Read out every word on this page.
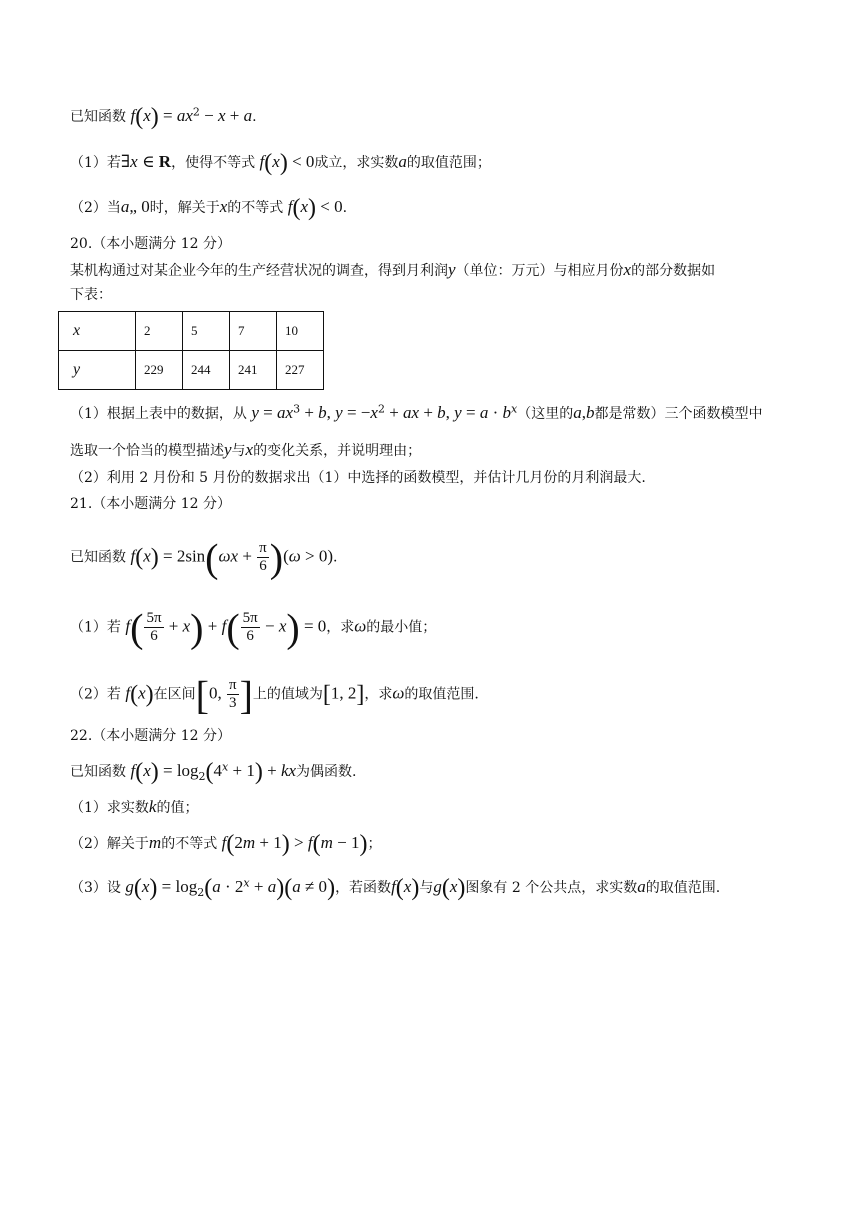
已知函数 $f(x) = ax^2 - x + a$.
（1）若∃x ∈ R，使得不等式 f(x) < 0成立，求实数a的取值范围；
（2）当a„ 0时，解关于x的不等式 f(x) < 0.
20.（本小题满分 12 分）
某机构通过对某企业今年的生产经营状况的调查，得到月利润y（单位：万元）与相应月份x的部分数据如
下表：
x	2	5	7	10
y	229	244	241	227
（1）根据上表中的数据，从 $y = ax^3 + b$, $y = -x^2$ + ax + b, $y = a \cdot b^x$（这里的a,b都是常数）三个函数模型中
选取一个恰当的模型描述y与x的变化关系，并说明理由；
（2）利用 2 月份和 5 月份的数据求出（1）中选择的函数模型，并估计几月份的月利润最大.
21.（本小题满分 12 分）
已知函数 $f(x) = 2\sin(\omega x + \frac{\pi}{6} )(\omega > 0)$.
（1）若 $f( \frac{5\pi}{6} + x) + f( \frac{5\pi}{6} - x) = 0$，求ω的最小值；
（2）若 f(x)在区间[0, $\frac{\pi}{3}$ ]上的值域为[1, 2]，求ω的取值范围.
22.（本小题满分 12 分）
已知函数 $f(x) = \log_2(4^x + 1)$ + kx为偶函数.
（1）求实数k的值；
（2）解关于m的不等式 f(2m + 1) > f(m − 1)；
（3）设 $g(x) = \log_2(a \cdot 2^x + a)(a \ne 0)$，若函数f(x)与g(x)图象有 2 个公共点，求实数a的取值范围.
